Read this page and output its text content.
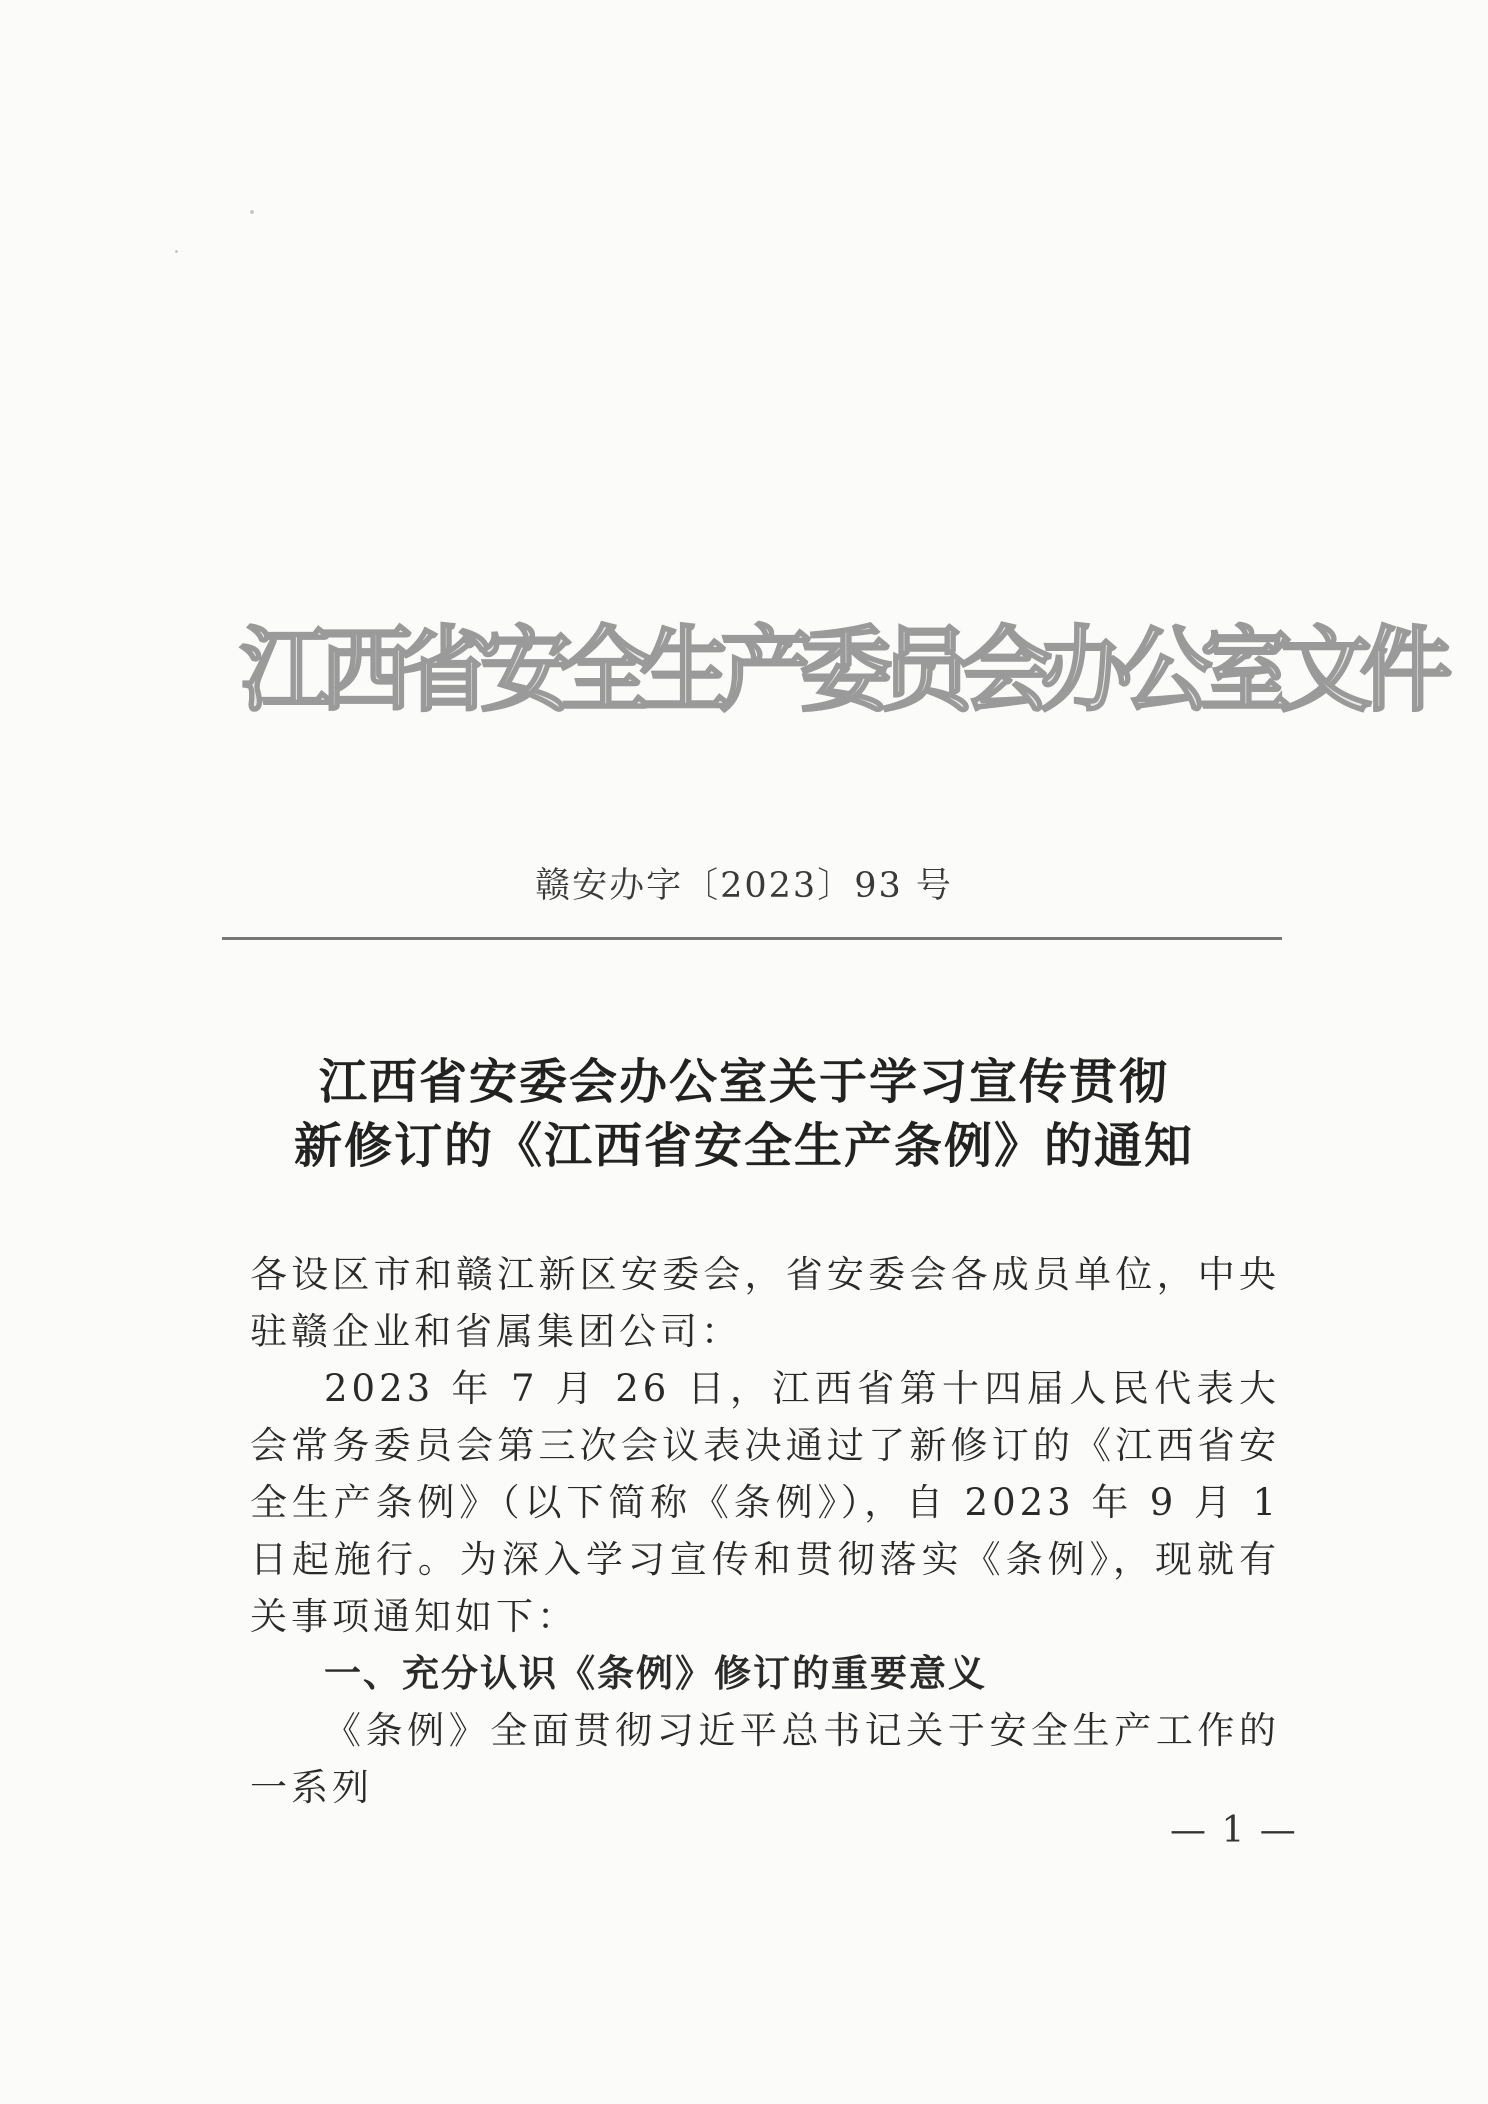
江
西
省
安
全
生
产
委
员
会
办
公
室
文
件
赣安办字〔2023〕93 号
江西省安委会办公室关于学习宣传贯彻
新修订的《江西省安全生产条例》的通知

各设区市和赣江新区安委会，省安委会各成员单位，中央驻赣企业和省属集团公司：

2023 年 7 月 26 日，江西省第十四届人民代表大会常务委员会第三次会议表决通过了新修订的《江西省安全生产条例》（以下简称《条例》），自 2023 年 9 月 1 日起施行。为深入学习宣传和贯彻落实《条例》，现就有关事项通知如下：

一、充分认识《条例》修订的重要意义

《条例》全面贯彻习近平总书记关于安全生产工作的一系列

— 1 —
